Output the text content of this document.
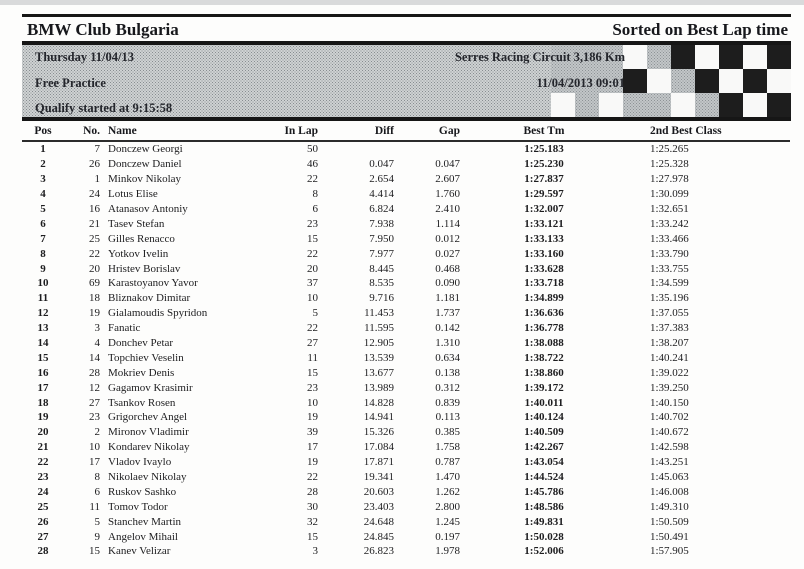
BMW Club Bulgaria	Sorted on Best Lap time
Thursday 11/04/13
Free Practice
Qualify started at 9:15:58
Serres Racing Circuit 3,186 Km
11/04/2013 09:01
Pos	No.	Name	In Lap	Diff	Gap	Best Tm	2nd Best Class
1	7	Donczew Georgi	50			1:25.183	1:25.265
2	26	Donczew Daniel	46	0.047	0.047	1:25.230	1:25.328
3	1	Minkov Nikolay	22	2.654	2.607	1:27.837	1:27.978
4	24	Lotus Elise	8	4.414	1.760	1:29.597	1:30.099
5	16	Atanasov Antoniy	6	6.824	2.410	1:32.007	1:32.651
6	21	Tasev Stefan	23	7.938	1.114	1:33.121	1:33.242
7	25	Gilles Renacco	15	7.950	0.012	1:33.133	1:33.466
8	22	Yotkov Ivelin	22	7.977	0.027	1:33.160	1:33.790
9	20	Hristev Borislav	20	8.445	0.468	1:33.628	1:33.755
10	69	Karastoyanov Yavor	37	8.535	0.090	1:33.718	1:34.599
11	18	Bliznakov Dimitar	10	9.716	1.181	1:34.899	1:35.196
12	19	Gialamoudis Spyridon	5	11.453	1.737	1:36.636	1:37.055
13	3	Fanatic	22	11.595	0.142	1:36.778	1:37.383
14	4	Donchev Petar	27	12.905	1.310	1:38.088	1:38.207
15	14	Topchiev Veselin	11	13.539	0.634	1:38.722	1:40.241
16	28	Mokriev Denis	15	13.677	0.138	1:38.860	1:39.022
17	12	Gagamov Krasimir	23	13.989	0.312	1:39.172	1:39.250
18	27	Tsankov Rosen	10	14.828	0.839	1:40.011	1:40.150
19	23	Grigorchev Angel	19	14.941	0.113	1:40.124	1:40.702
20	2	Mironov Vladimir	39	15.326	0.385	1:40.509	1:40.672
21	10	Kondarev Nikolay	17	17.084	1.758	1:42.267	1:42.598
22	17	Vladov Ivaylo	19	17.871	0.787	1:43.054	1:43.251
23	8	Nikolaev Nikolay	22	19.341	1.470	1:44.524	1:45.063
24	6	Ruskov Sashko	28	20.603	1.262	1:45.786	1:46.008
25	11	Tomov Todor	30	23.403	2.800	1:48.586	1:49.310
26	5	Stanchev Martin	32	24.648	1.245	1:49.831	1:50.509
27	9	Angelov Mihail	15	24.845	0.197	1:50.028	1:50.491
28	15	Kanev Velizar	3	26.823	1.978	1:52.006	1:57.905
